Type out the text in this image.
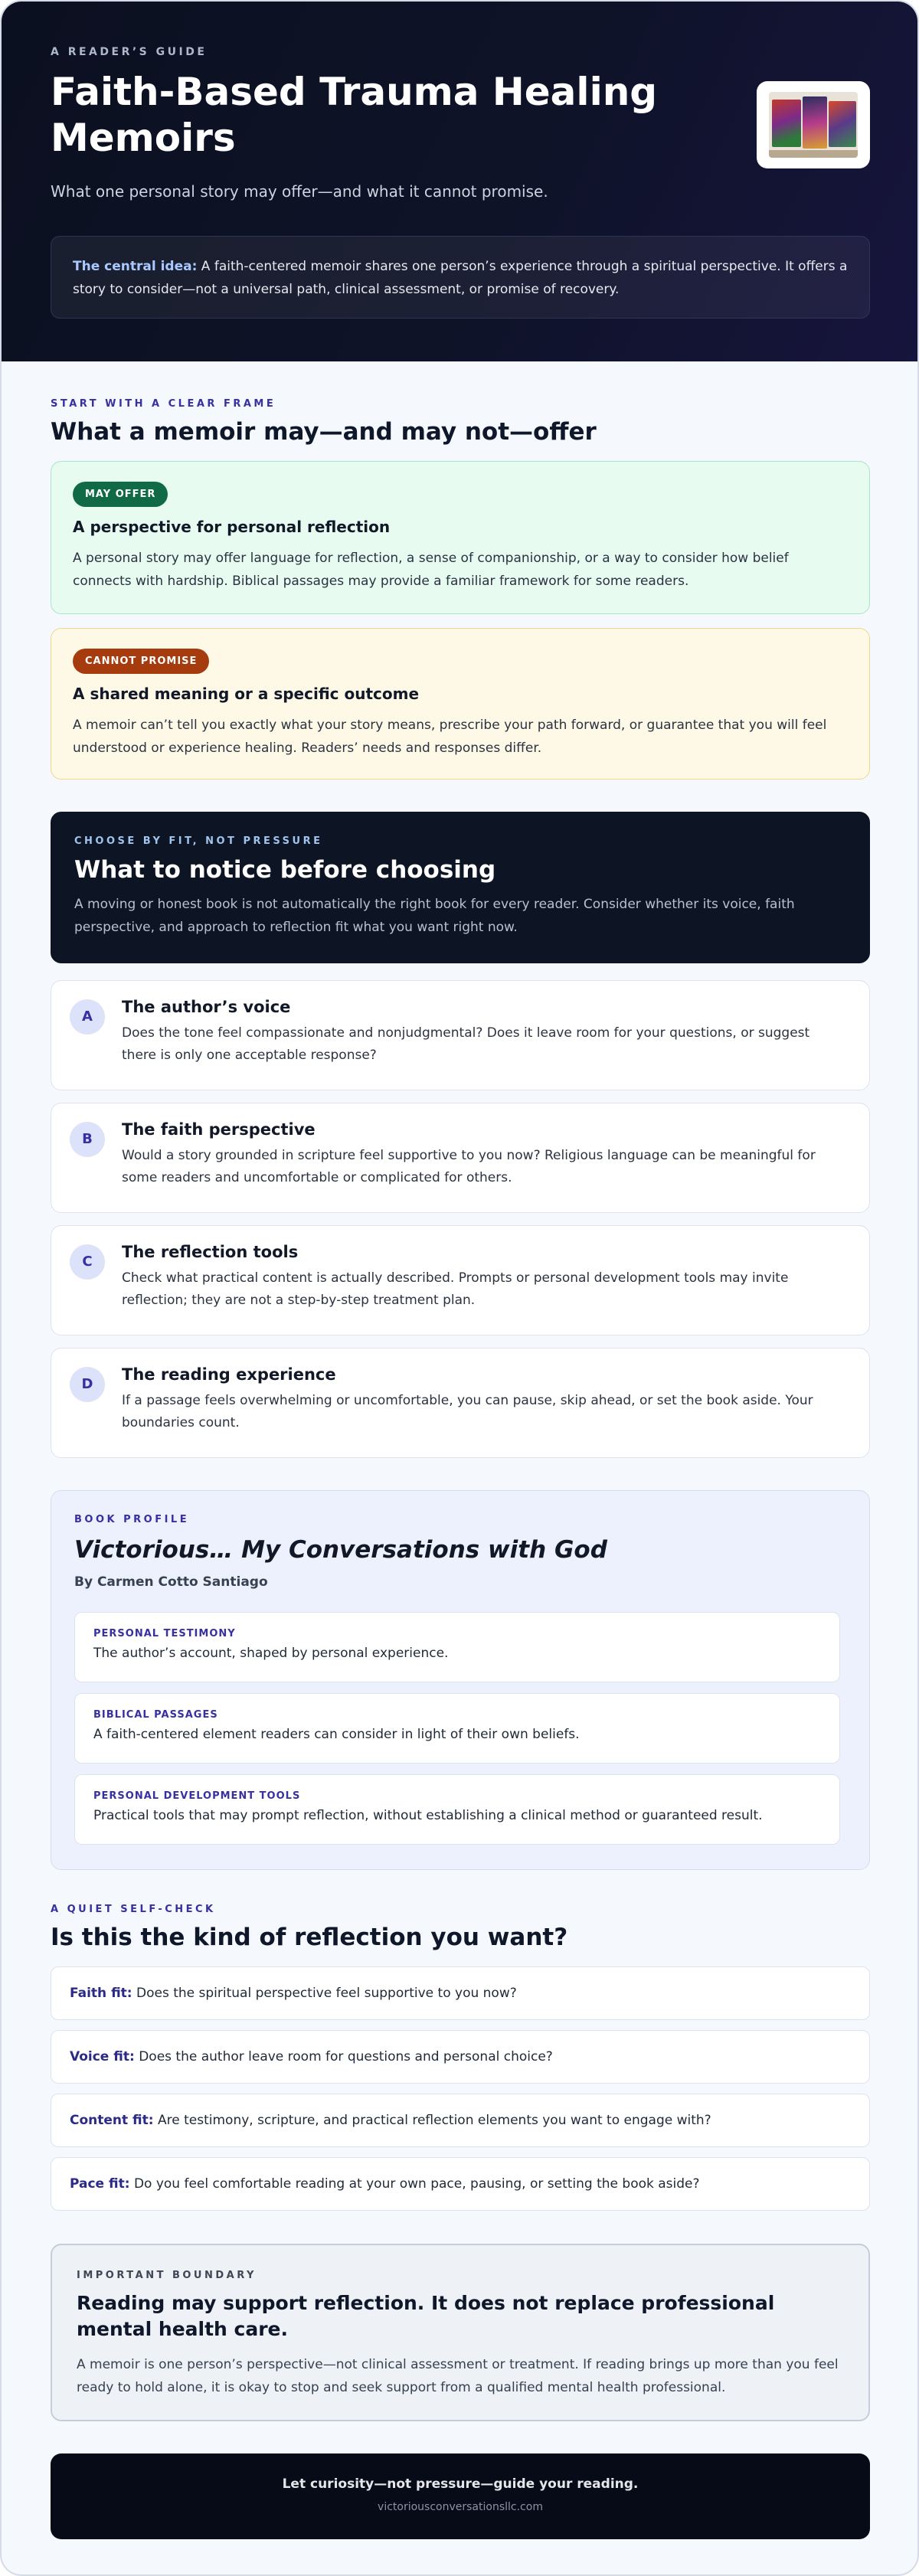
A READER’S GUIDE
Faith-Based Trauma Healing Memoirs
What one personal story may offer—and what it cannot promise.
The central idea: A faith-centered memoir shares one person’s experience through a spiritual perspective. It offers a story to consider—not a universal path, clinical assessment, or promise of recovery.
START WITH A CLEAR FRAME
What a memoir may—and may not—offer
MAY OFFER
A perspective for personal reflection
A personal story may offer language for reflection, a sense of companionship, or a way to consider how belief connects with hardship. Biblical passages may provide a familiar framework for some readers.
CANNOT PROMISE
A shared meaning or a specific outcome
A memoir can’t tell you exactly what your story means, prescribe your path forward, or guarantee that you will feel understood or experience healing. Readers’ needs and responses differ.
CHOOSE BY FIT, NOT PRESSURE
What to notice before choosing
A moving or honest book is not automatically the right book for every reader. Consider whether its voice, faith perspective, and approach to reflection fit what you want right now.
A
The author’s voice
Does the tone feel compassionate and nonjudgmental? Does it leave room for your questions, or suggest there is only one acceptable response?
B
The faith perspective
Would a story grounded in scripture feel supportive to you now? Religious language can be meaningful for some readers and uncomfortable or complicated for others.
C
The reflection tools
Check what practical content is actually described. Prompts or personal development tools may invite reflection; they are not a step-by-step treatment plan.
D
The reading experience
If a passage feels overwhelming or uncomfortable, you can pause, skip ahead, or set the book aside. Your boundaries count.
BOOK PROFILE
Victorious… My Conversations with God
By Carmen Cotto Santiago
PERSONAL TESTIMONY
The author’s account, shaped by personal experience.
BIBLICAL PASSAGES
A faith-centered element readers can consider in light of their own beliefs.
PERSONAL DEVELOPMENT TOOLS
Practical tools that may prompt reflection, without establishing a clinical method or guaranteed result.
A QUIET SELF-CHECK
Is this the kind of reflection you want?
Faith fit: Does the spiritual perspective feel supportive to you now?
Voice fit: Does the author leave room for questions and personal choice?
Content fit: Are testimony, scripture, and practical reflection elements you want to engage with?
Pace fit: Do you feel comfortable reading at your own pace, pausing, or setting the book aside?
IMPORTANT BOUNDARY
Reading may support reflection. It does not replace professional mental health care.
A memoir is one person’s perspective—not clinical assessment or treatment. If reading brings up more than you feel ready to hold alone, it is okay to stop and seek support from a qualified mental health professional.
Let curiosity—not pressure—guide your reading.
victoriousconversationsllc.com
